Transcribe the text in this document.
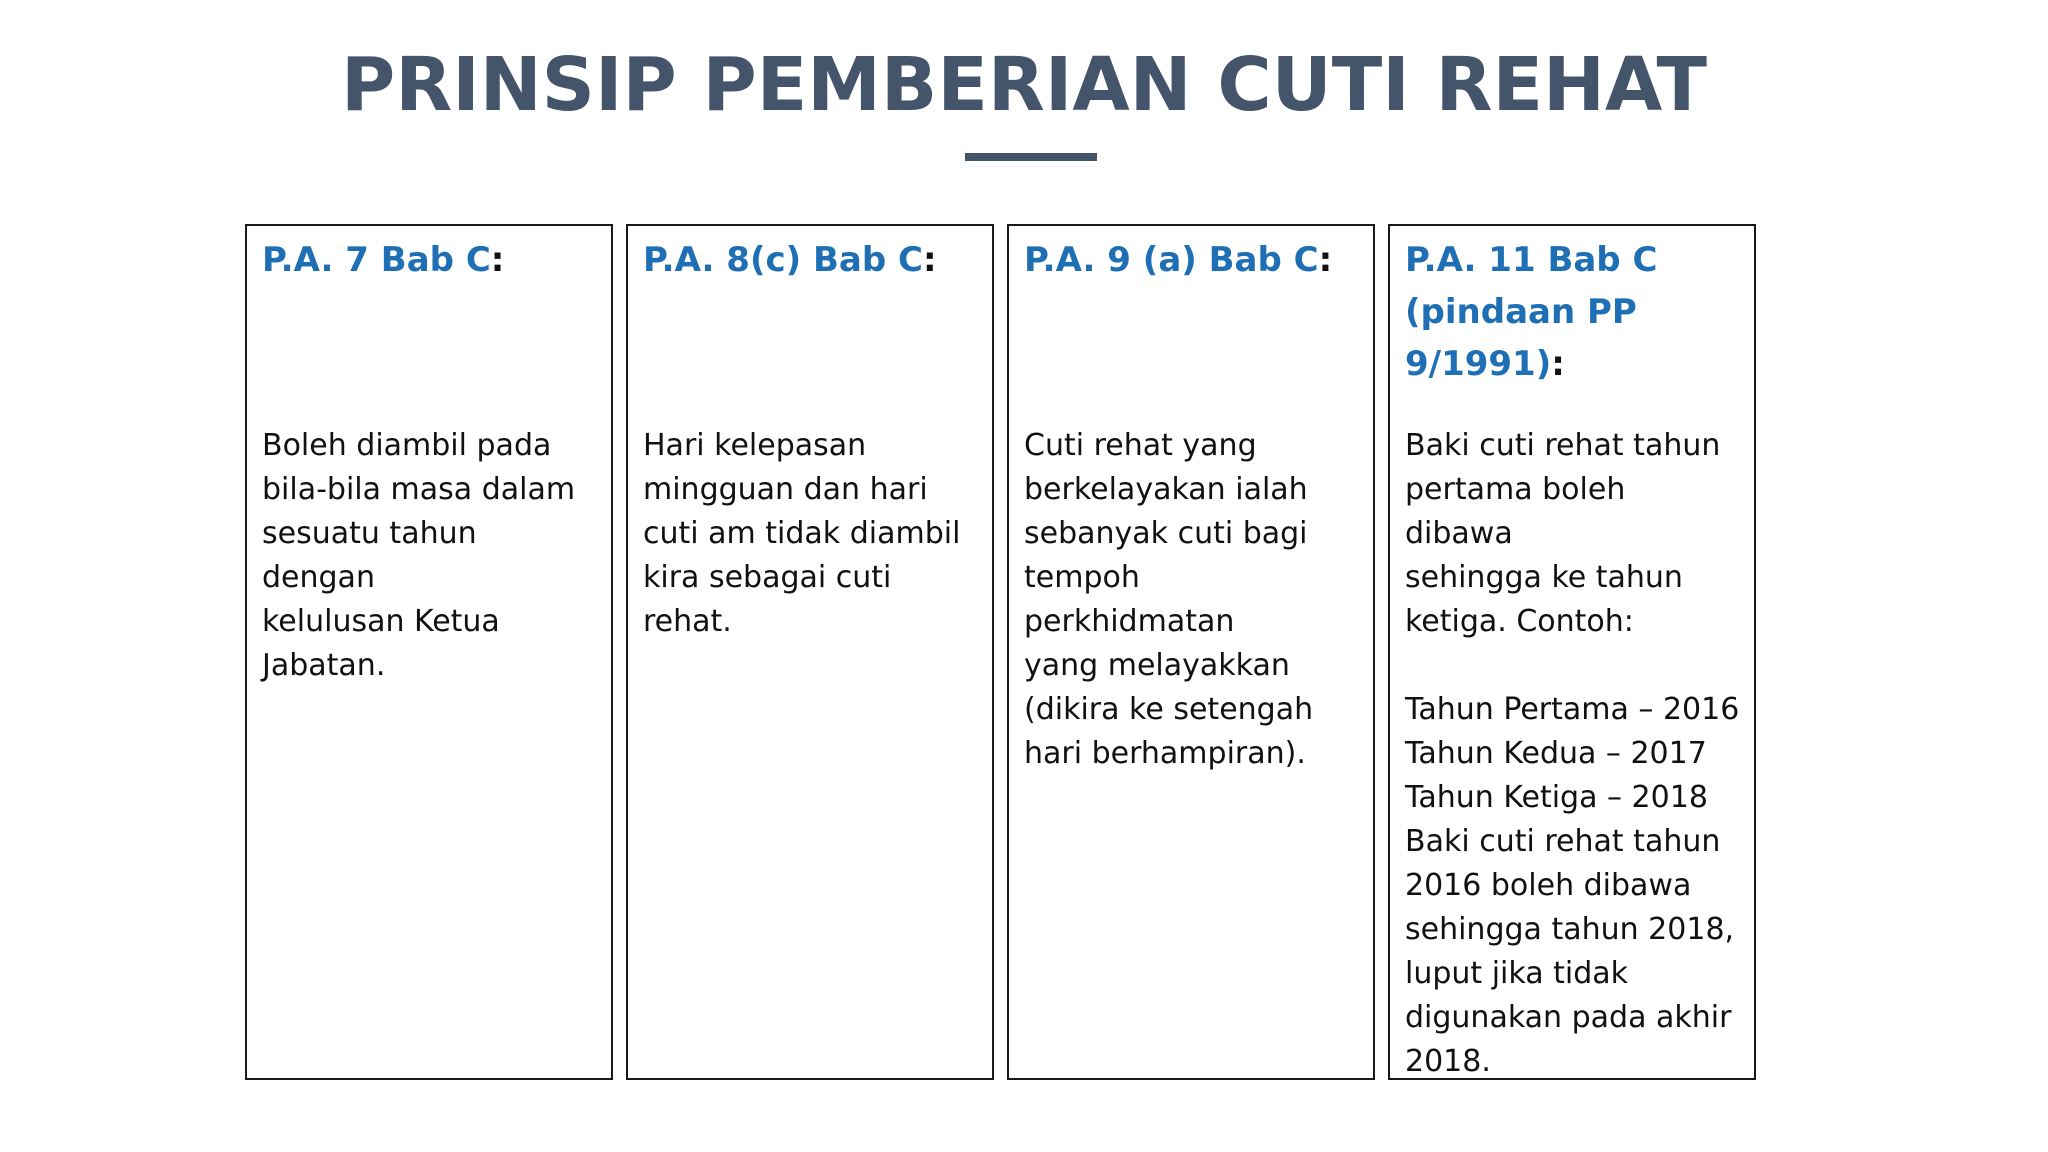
PRINSIP PEMBERIAN CUTI REHAT
P.A. 7 Bab C:

Boleh diambil pada
bila-bila masa dalam
sesuatu tahun dengan
kelulusan Ketua
Jabatan.

P.A. 8(c) Bab C:

Hari kelepasan
mingguan dan hari
cuti am tidak diambil
kira sebagai cuti rehat.

P.A. 9 (a) Bab C:

Cuti rehat yang
berkelayakan ialah
sebanyak cuti bagi
tempoh perkhidmatan
yang melayakkan
(dikira ke setengah
hari berhampiran).

P.A. 11 Bab C
(pindaan PP
9/1991):

Baki cuti rehat tahun
pertama boleh dibawa
sehingga ke tahun
ketiga. Contoh:

Tahun Pertama – 2016
Tahun Kedua – 2017
Tahun Ketiga – 2018
Baki cuti rehat tahun
2016 boleh dibawa
sehingga tahun 2018,
luput jika tidak
digunakan pada akhir
2018.
